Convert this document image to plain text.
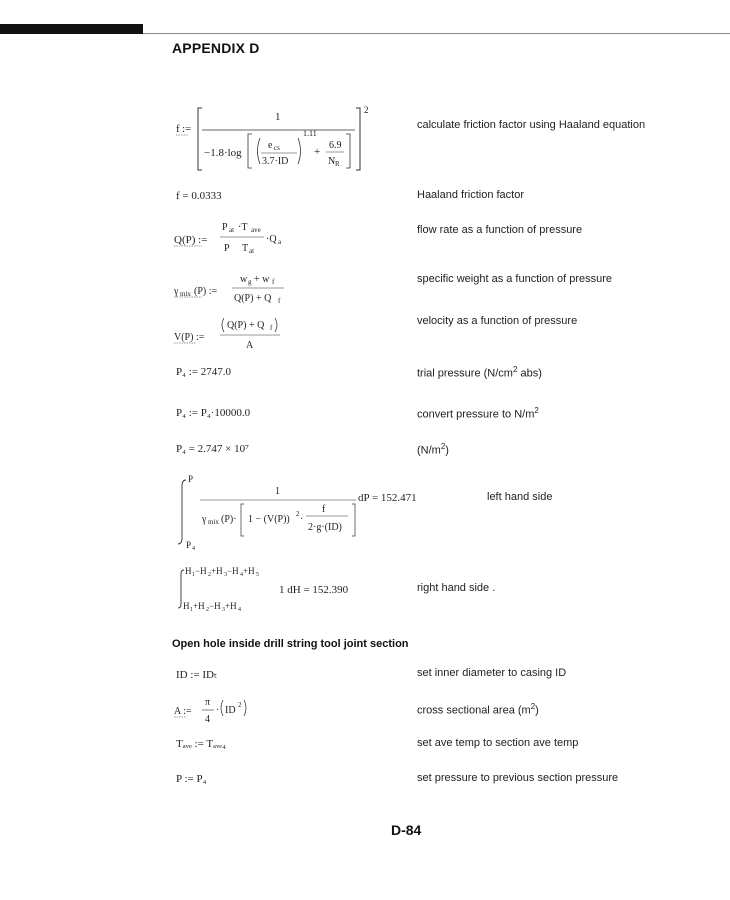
APPENDIX D
f :=
2
1
−1.8·log
e cs
3.7·ID
1.11
+
6.9
N R
calculate friction factor using Haaland equation
f = 0.0333	Haaland friction factor
Q(P) :=
P at ·T ave
P T at
·Q a
flow rate as a function of pressure
γ mix (P) :=
w g + w f
Q(P) + Q f
specific weight as a function of pressure
V(P) :=
Q(P) + Q f
A
velocity as a function of pressure
P₄ := 2747.0	trial pressure ($N/cm^2$ abs)
P₄ := P₄·10000.0	convert pressure to $N/m^2$
P₄ = 2.747 × 10⁷	$(N/m^2)$
P
P 4
1
γ mix (P)· 1 − (V(P)) 2 ·
f
2·g·(ID)
dP = 152.471	left hand side
H 1 −H 2 +H 3 −H 4 +H 5
H 1 +H 2 −H 3 +H 4
1 dH = 152.390	right hand side .
Open hole inside drill string tool joint section
ID := IDₜ	set inner diameter to casing ID
A :=
π
4
· ID 2	cross sectional area $(m^2)$
Tₐᵥₑ := Tₐᵥₑ₄	set ave temp to section ave temp
P := P₄	set pressure to previous section pressure
D-84
